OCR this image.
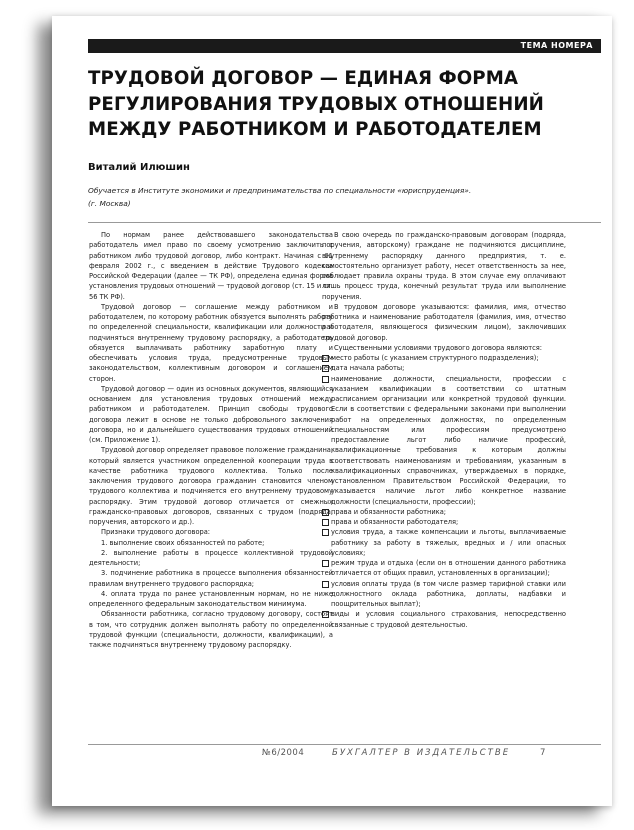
ТЕМА НОМЕРА
ТРУДОВОЙ ДОГОВОР — ЕДИНАЯ ФОРМА
РЕГУЛИРОВАНИЯ ТРУДОВЫХ ОТНОШЕНИЙ
МЕЖДУ РАБОТНИКОМ И РАБОТОДАТЕЛЕМ
Виталий Илюшин
Обучается в Институте экономики и предпринимательства по специальности «юриспруденция».
(г. Москва)

По нормам ранее действовавшего законодательства работодатель имел право по своему усмотрению заключить с работником либо трудовой договор, либо контракт. Начиная с 01 февраля 2002 г., с введением в действие Трудового кодекса Российской Федерации (далее — ТК РФ), определена единая форма установления трудовых отношений — трудовой договор (ст. 15 и ст. 56 ТК РФ).

Трудовой договор — соглашение между работником и работодателем, по которому работник обязуется выполнять работу по определенной специальности, квалификации или должности и подчиняться внутреннему трудовому распорядку, а работодатель обязуется выплачивать работнику заработную плату и обеспечивать условия труда, предусмотренные трудовым законодательством, коллективным договором и соглашением сторон.

Трудовой договор — один из основных документов, являющийся основанием для установления трудовых отношений между работником и работодателем. Принцип свободы трудового договора лежит в основе не только добровольного заключения договора, но и дальнейшего существования трудовых отношений (см. Приложение 1).

Трудовой договор определяет правовое положение гражданина, который является участником определенной кооперации труда в качестве работника трудового коллектива. Только после заключения трудового договора гражданин становится членом трудового коллектива и подчиняется его внутреннему трудовому распорядку. Этим трудовой договор отличается от смежных гражданско-правовых договоров, связанных с трудом (подряда, поручения, авторского и др.).

Признаки трудового договора:

1. выполнение своих обязанностей по работе;

2. выполнение работы в процессе коллективной трудовой деятельности;

3. подчинение работника в процессе выполнения обязанностей правилам внутреннего трудового распорядка;

4. оплата труда по ранее установленным нормам, но не ниже определенного федеральным законодательством минимума.

Обязанности работника, согласно трудовому договору, состоят в том, что сотрудник должен выполнять работу по определенной трудовой функции (специальности, должности, квалификации), а также подчиняться внутреннему трудовому распорядку.

В свою очередь по гражданско-правовым договорам (подряда, поручения, авторскому) граждане не подчиняются дисциплине, внутреннему распорядку данного предприятия, т. е. самостоятельно организует работу, несет ответственность за нее, соблюдает правила охраны труда. В этом случае ему оплачивают лишь процесс труда, конечный результат труда или выполнение поручения.

В трудовом договоре указываются: фамилия, имя, отчество работника и наименование работодателя (фамилия, имя, отчество работодателя, являющегося физическим лицом), заключивших трудовой договор.

Существенными условиями трудового договора являются:

место работы (с указанием структурного подразделения);
дата начала работы;
наименование должности, специальности, профессии с указанием квалификации в соответствии со штатным расписанием организации или конкретной трудовой функции. Если в соответствии с федеральными законами при выполнении работ на определенных должностях, по определенным специальностям или профессиям предусмотрено предоставление льгот либо наличие профессий, квалификационные требования к которым должны соответствовать наименованиям и требованиям, указанным в квалификационных справочниках, утверждаемых в порядке, установленном Правительством Российской Федерации, то указывается наличие льгот либо конкретное название должности (специальности, профессии);
права и обязанности работника;
права и обязанности работодателя;
условия труда, а также компенсации и льготы, выплачиваемые работнику за работу в тяжелых, вредных и / или опасных условиях;
режим труда и отдыха (если он в отношении данного работника отличается от общих правил, установленных в организации);
условия оплаты труда (в том числе размер тарифной ставки или должностного оклада работника, доплаты, надбавки и поощрительных выплат);
виды и условия социального страхования, непосредственно связанные с трудовой деятельностью.
№6/2004	БУХГАЛТЕР В ИЗДАТЕЛЬСТВЕ	7
